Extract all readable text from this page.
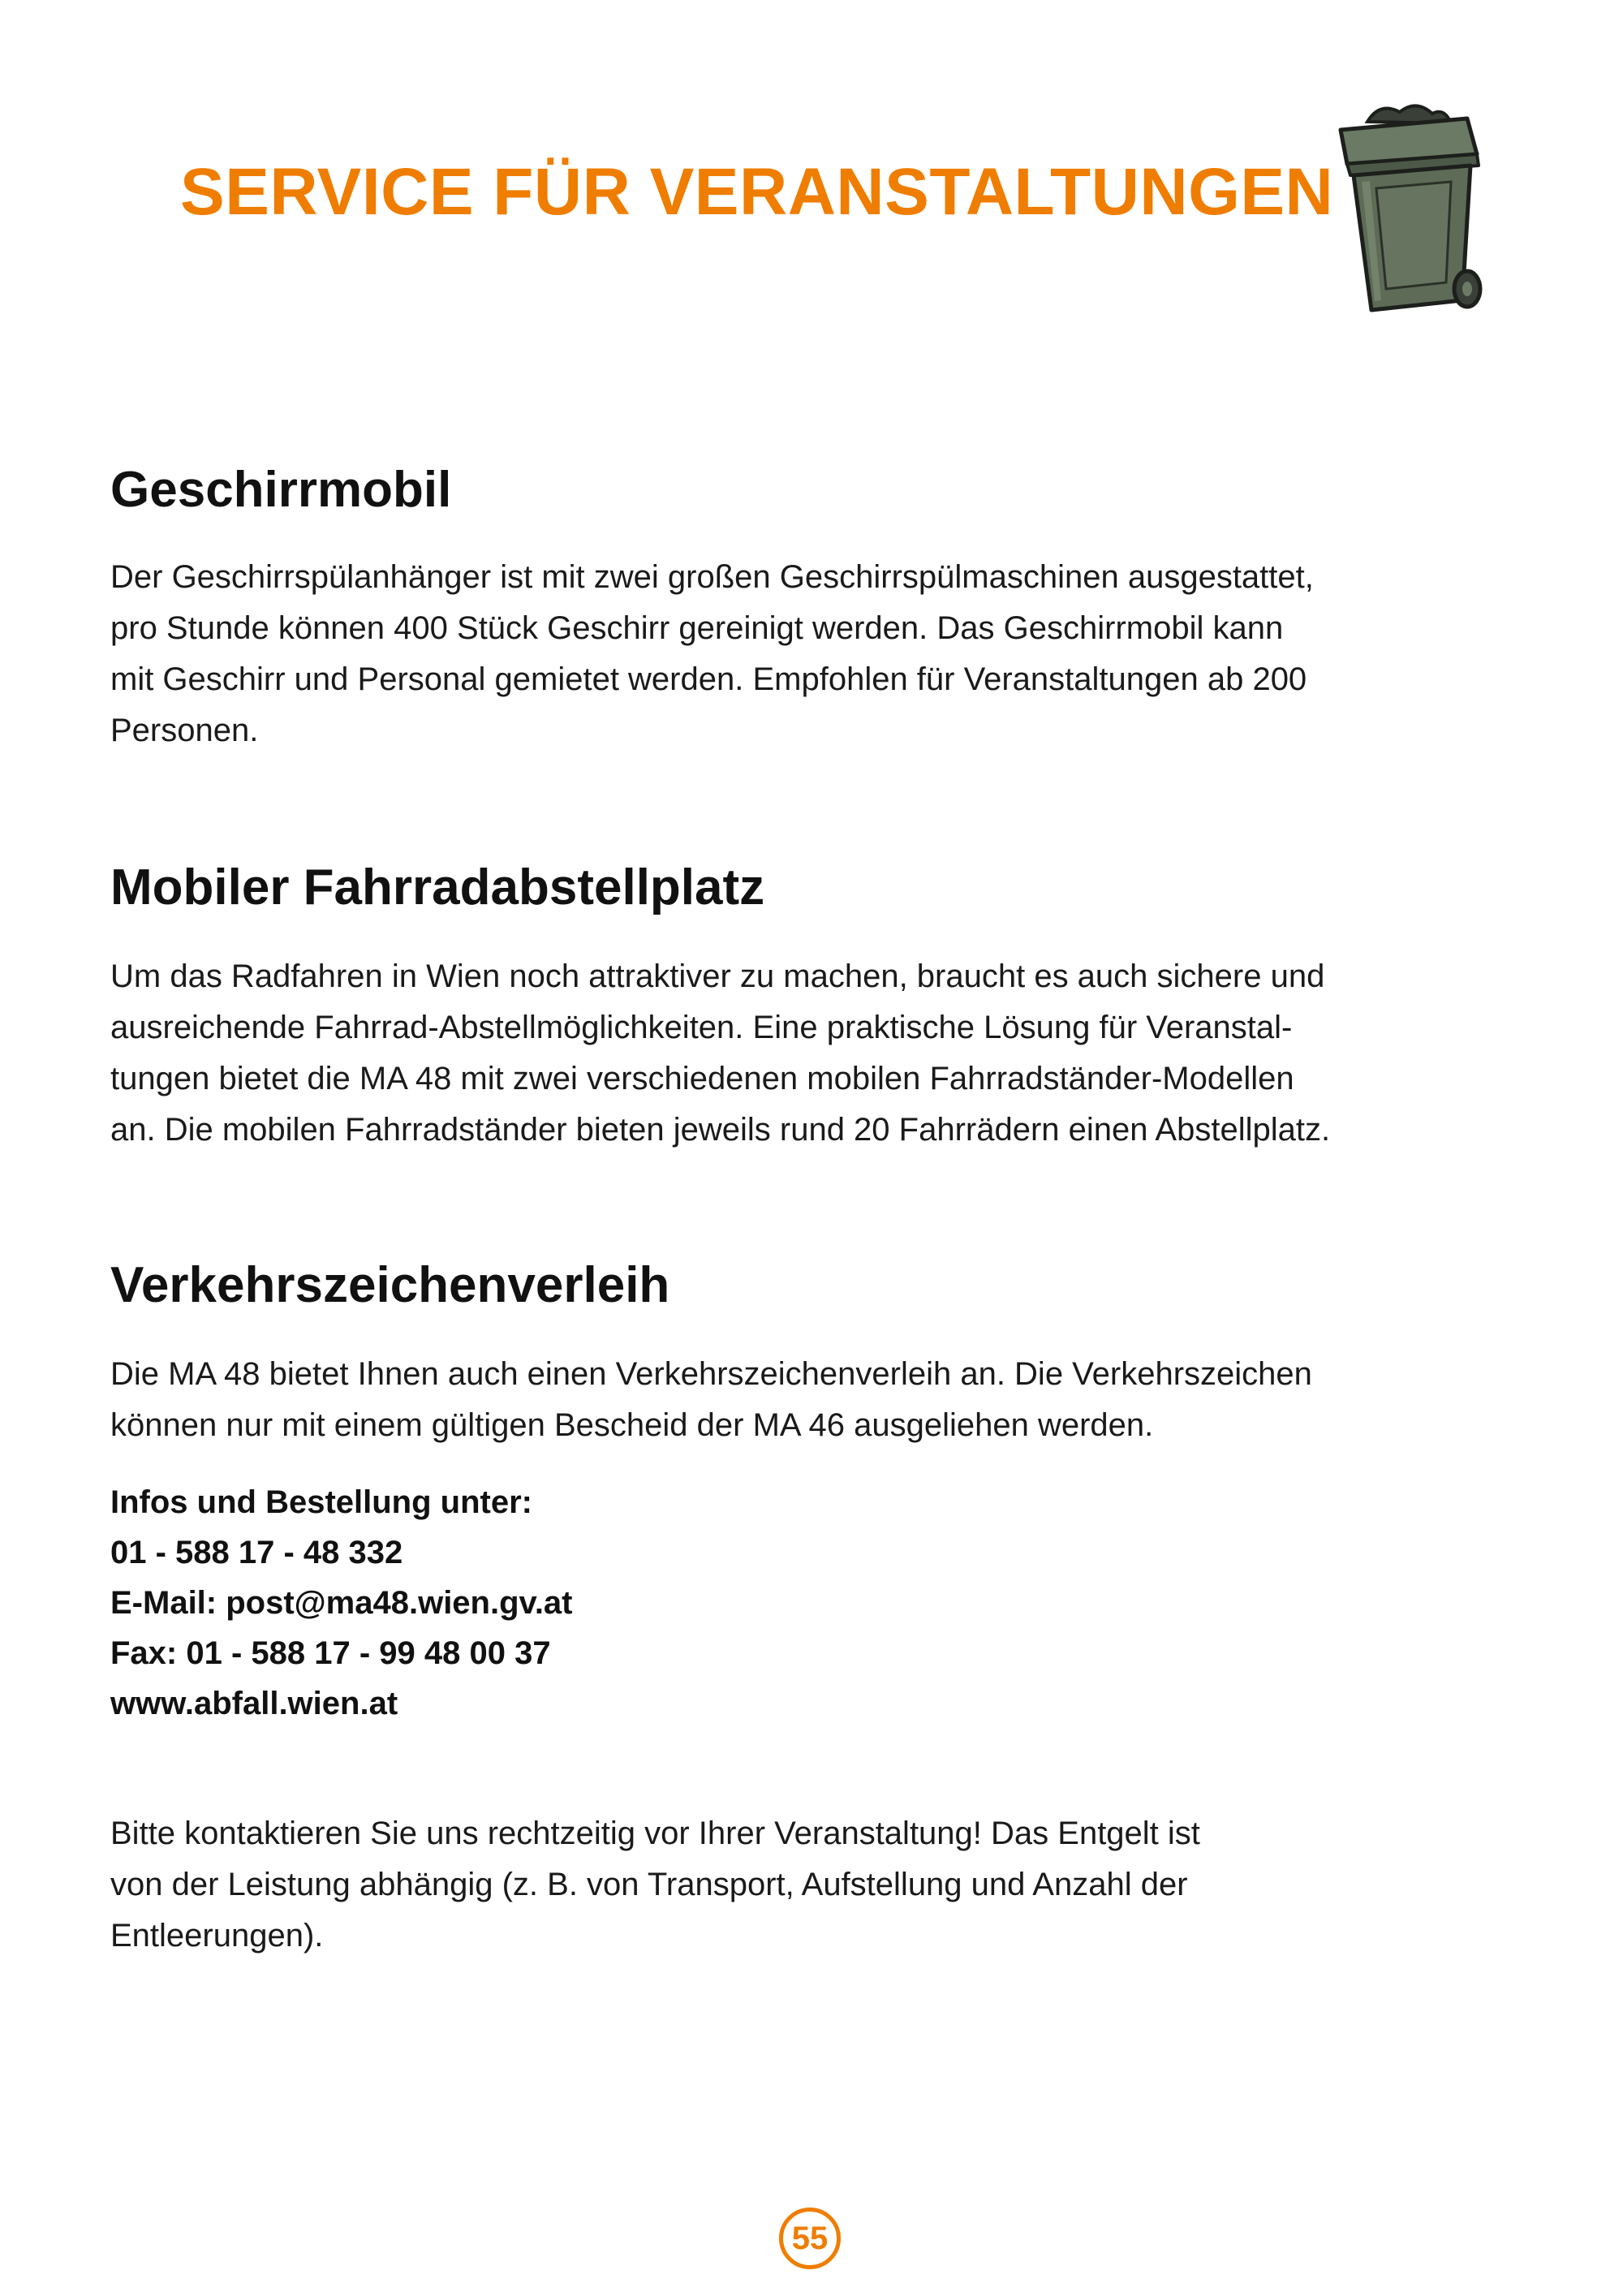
SERVICE FÜR VERANSTALTUNGEN
Geschirrmobil

Der Geschirrspülanhänger ist mit zwei großen Geschirrspülmaschinen ausgestattet,
pro Stunde können 400 Stück Geschirr gereinigt werden. Das Geschirrmobil kann
mit Geschirr und Personal gemietet werden. Empfohlen für Veranstaltungen ab 200
Personen.

Mobiler Fahrradabstellplatz

Um das Radfahren in Wien noch attraktiver zu machen, braucht es auch sichere und
ausreichende Fahrrad-Abstellmöglichkeiten. Eine praktische Lösung für Veranstal-
tungen bietet die MA 48 mit zwei verschiedenen mobilen Fahrradständer-Modellen
an. Die mobilen Fahrradständer bieten jeweils rund 20 Fahrrädern einen Abstellplatz.

Verkehrszeichenverleih

Die MA 48 bietet Ihnen auch einen Verkehrszeichenverleih an. Die Verkehrszeichen
können nur mit einem gültigen Bescheid der MA 46 ausgeliehen werden.

Infos und Bestellung unter:
01 - 588 17 - 48 332
E-Mail: post@ma48.wien.gv.at
Fax: 01 - 588 17 - 99 48 00 37
www.abfall.wien.at

Bitte kontaktieren Sie uns rechtzeitig vor Ihrer Veranstaltung! Das Entgelt ist
von der Leistung abhängig (z. B. von Transport, Aufstellung und Anzahl der
Entleerungen).

55
